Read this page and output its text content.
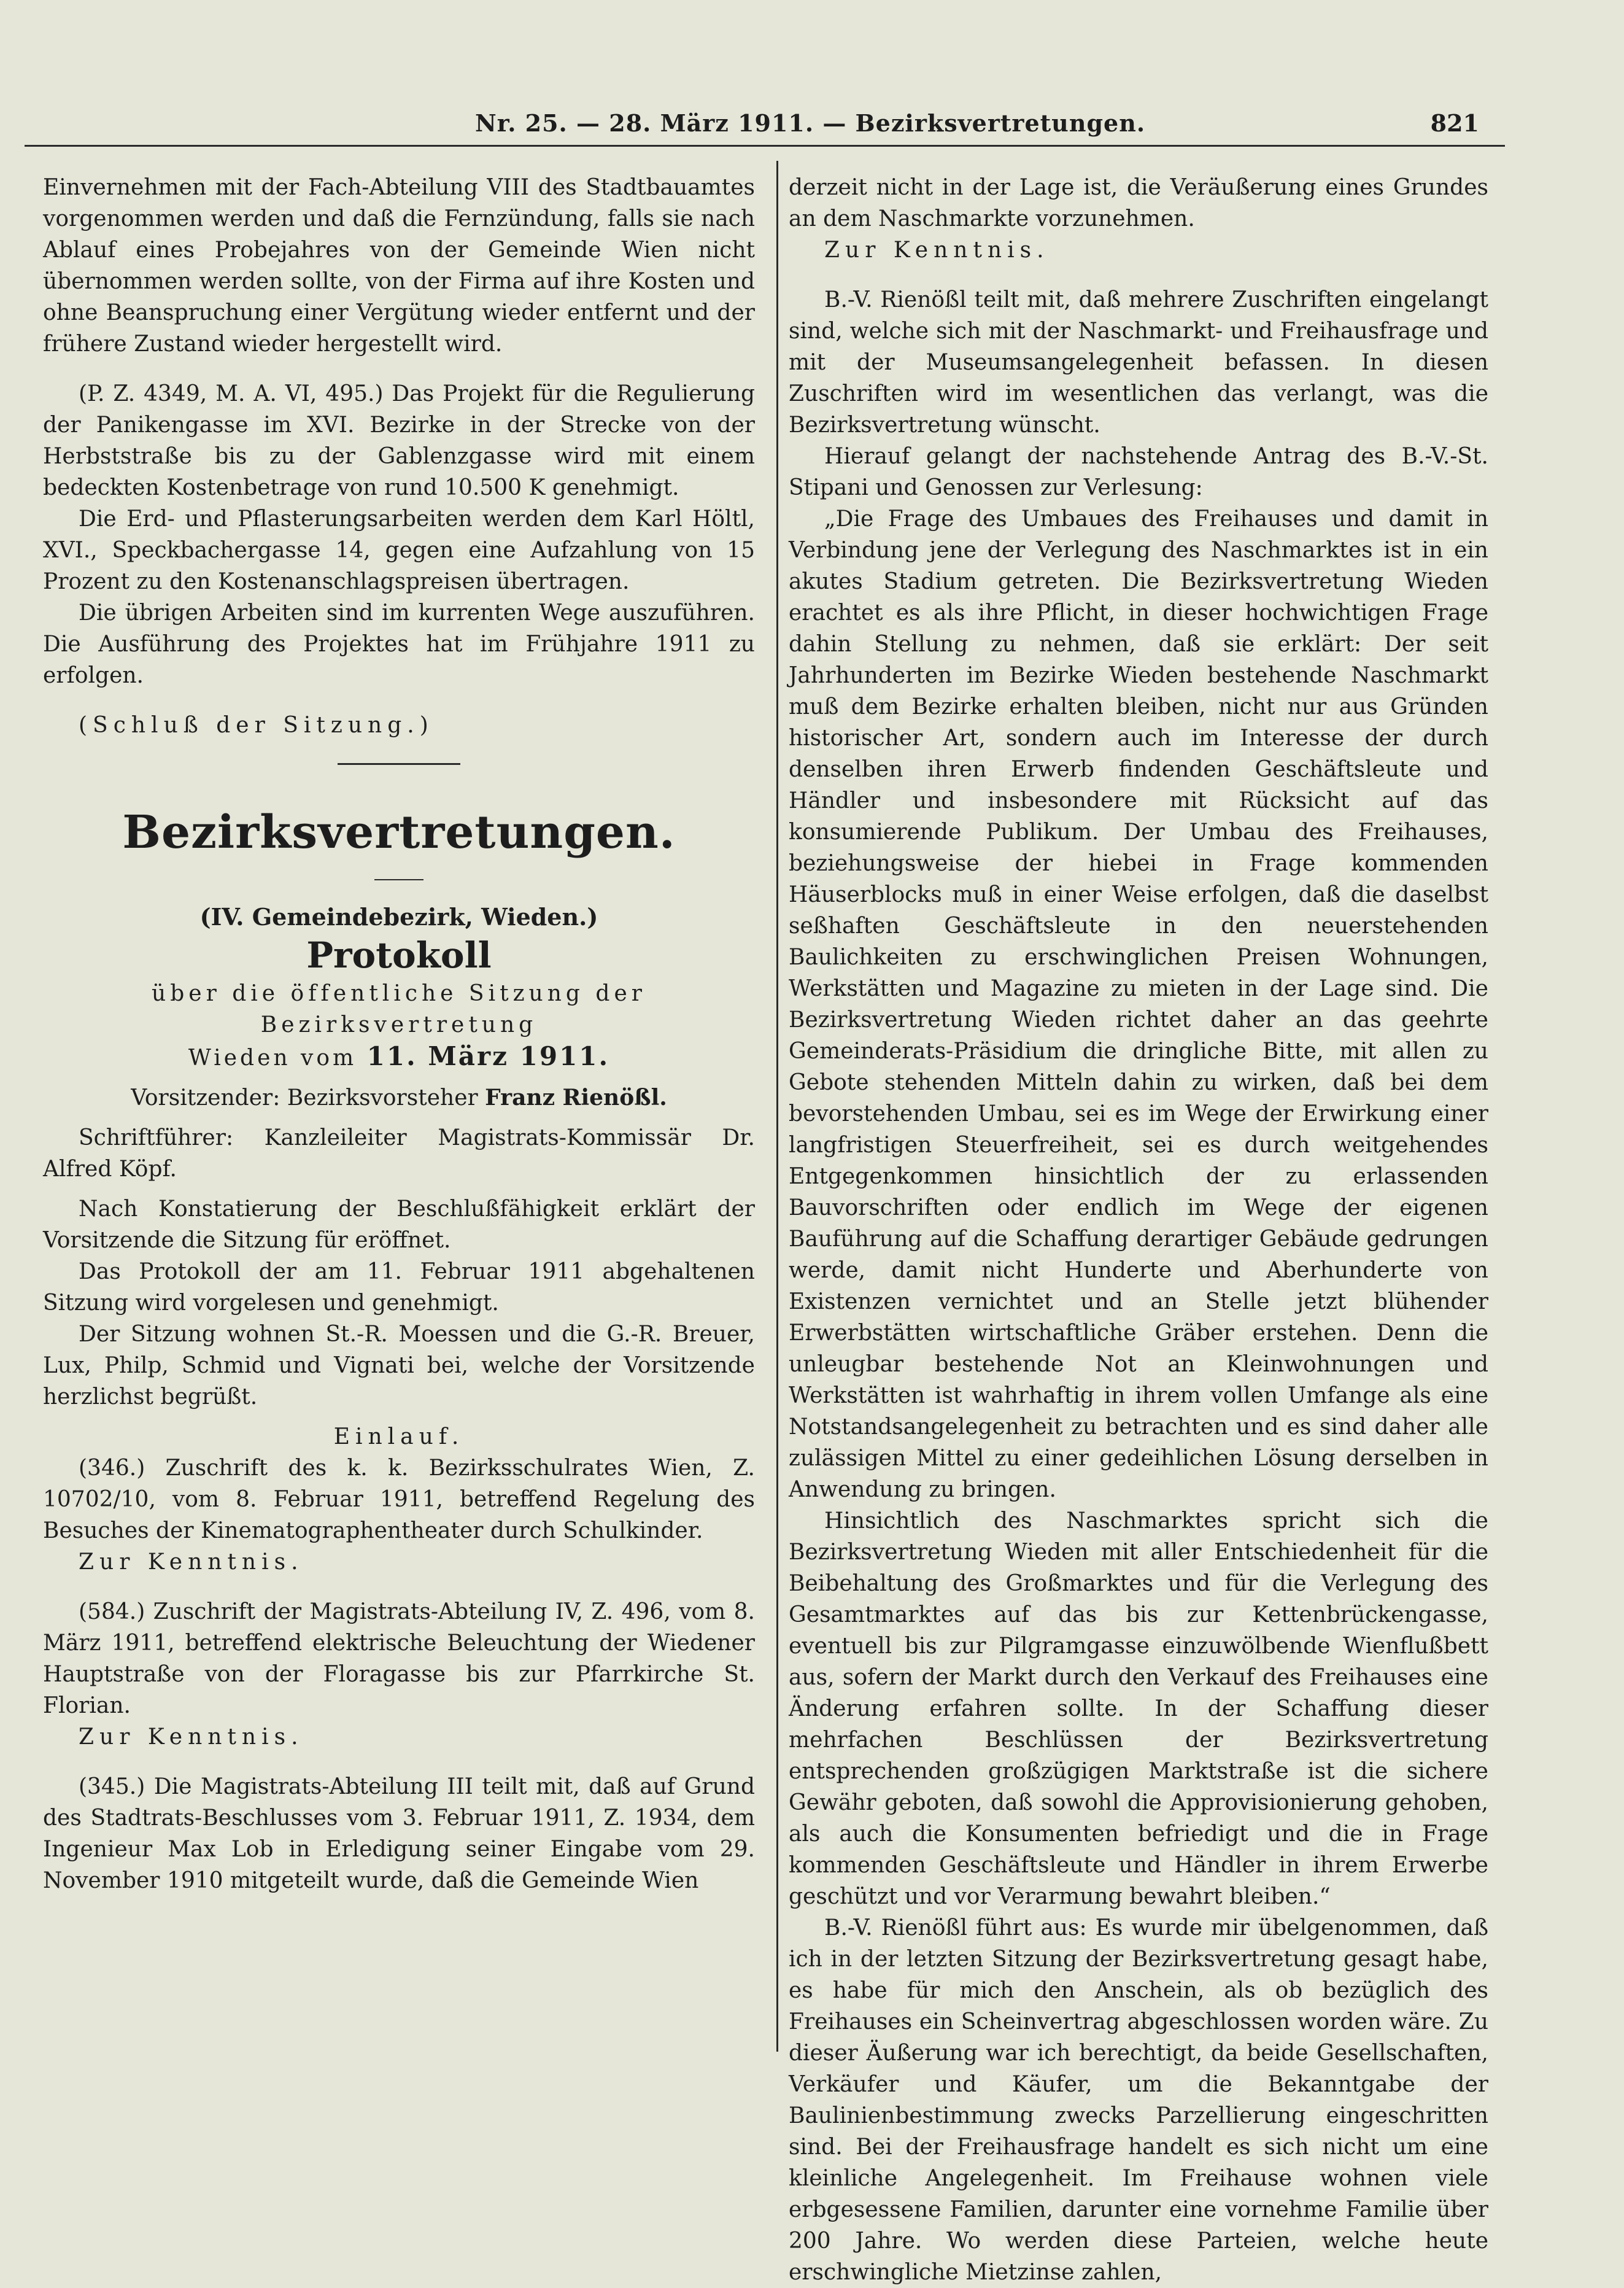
Nr. 25. — 28. März 1911. — Bezirksvertretungen.	821

Einvernehmen mit der Fach-Abteilung VIII des Stadtbauamtes vorgenommen werden und daß die Fernzündung, falls sie nach Ablauf eines Probejahres von der Gemeinde Wien nicht übernommen werden sollte, von der Firma auf ihre Kosten und ohne Beanspruchung einer Vergütung wieder entfernt und der frühere Zustand wieder hergestellt wird.

(P. Z. 4349, M. A. VI, 495.) Das Projekt für die Regulierung der Panikengasse im XVI. Bezirke in der Strecke von der Herbststraße bis zu der Gablenzgasse wird mit einem bedeckten Kostenbetrage von rund 10.500 K genehmigt.

Die Erd- und Pflasterungsarbeiten werden dem Karl Höltl, XVI., Speckbachergasse 14, gegen eine Aufzahlung von 15 Prozent zu den Kostenanschlagspreisen übertragen.

Die übrigen Arbeiten sind im kurrenten Wege auszuführen. Die Ausführung des Projektes hat im Frühjahre 1911 zu erfolgen.

(Schluß der Sitzung.)

Bezirksvertretungen.
(IV. Gemeindebezirk, Wieden.)
Protokoll

über die öffentliche Sitzung der Bezirksvertretung

Wieden vom 11. März 1911.

Vorsitzender: Bezirksvorsteher Franz Rienößl.

Schriftführer: Kanzleileiter Magistrats-Kommissär Dr. Alfred Köpf.

Nach Konstatierung der Beschlußfähigkeit erklärt der Vorsitzende die Sitzung für eröffnet.

Das Protokoll der am 11. Februar 1911 abgehaltenen Sitzung wird vorgelesen und genehmigt.

Der Sitzung wohnen St.-R. Moessen und die G.-R. Breuer, Lux, Philp, Schmid und Vignati bei, welche der Vorsitzende herzlichst begrüßt.

Einlauf.

(346.) Zuschrift des k. k. Bezirksschulrates Wien, Z. 10702/10, vom 8. Februar 1911, betreffend Regelung des Besuches der Kinematographentheater durch Schulkinder.

Zur Kenntnis.

(584.) Zuschrift der Magistrats-Abteilung IV, Z. 496, vom 8. März 1911, betreffend elektrische Beleuchtung der Wiedener Hauptstraße von der Floragasse bis zur Pfarrkirche St. Florian.

Zur Kenntnis.

(345.) Die Magistrats-Abteilung III teilt mit, daß auf Grund des Stadtrats-Beschlusses vom 3. Februar 1911, Z. 1934, dem Ingenieur Max Lob in Erledigung seiner Eingabe vom 29. November 1910 mitgeteilt wurde, daß die Gemeinde Wien

derzeit nicht in der Lage ist, die Veräußerung eines Grundes an dem Naschmarkte vorzunehmen.

Zur Kenntnis.

B.-V. Rienößl teilt mit, daß mehrere Zuschriften eingelangt sind, welche sich mit der Naschmarkt- und Freihausfrage und mit der Museumsangelegenheit befassen. In diesen Zuschriften wird im wesentlichen das verlangt, was die Bezirksvertretung wünscht.

Hierauf gelangt der nachstehende Antrag des B.-V.-St. Stipani und Genossen zur Verlesung:

„Die Frage des Umbaues des Freihauses und damit in Verbindung jene der Verlegung des Naschmarktes ist in ein akutes Stadium getreten. Die Bezirksvertretung Wieden erachtet es als ihre Pflicht, in dieser hochwichtigen Frage dahin Stellung zu nehmen, daß sie erklärt: Der seit Jahrhunderten im Bezirke Wieden bestehende Naschmarkt muß dem Bezirke erhalten bleiben, nicht nur aus Gründen historischer Art, sondern auch im Interesse der durch denselben ihren Erwerb findenden Geschäftsleute und Händler und insbesondere mit Rücksicht auf das konsumierende Publikum. Der Umbau des Freihauses, beziehungsweise der hiebei in Frage kommenden Häuserblocks muß in einer Weise erfolgen, daß die daselbst seßhaften Geschäftsleute in den neuerstehenden Baulichkeiten zu erschwinglichen Preisen Wohnungen, Werkstätten und Magazine zu mieten in der Lage sind. Die Bezirksvertretung Wieden richtet daher an das geehrte Gemeinderats-Präsidium die dringliche Bitte, mit allen zu Gebote stehenden Mitteln dahin zu wirken, daß bei dem bevorstehenden Umbau, sei es im Wege der Erwirkung einer langfristigen Steuerfreiheit, sei es durch weitgehendes Entgegenkommen hinsichtlich der zu erlassenden Bauvorschriften oder endlich im Wege der eigenen Bauführung auf die Schaffung derartiger Gebäude gedrungen werde, damit nicht Hunderte und Aberhunderte von Existenzen vernichtet und an Stelle jetzt blühender Erwerbstätten wirtschaftliche Gräber erstehen. Denn die unleugbar bestehende Not an Kleinwohnungen und Werkstätten ist wahrhaftig in ihrem vollen Umfange als eine Notstandsangelegenheit zu betrachten und es sind daher alle zulässigen Mittel zu einer gedeihlichen Lösung derselben in Anwendung zu bringen.

Hinsichtlich des Naschmarktes spricht sich die Bezirksvertretung Wieden mit aller Entschiedenheit für die Beibehaltung des Großmarktes und für die Verlegung des Gesamtmarktes auf das bis zur Kettenbrückengasse, eventuell bis zur Pilgramgasse einzuwölbende Wienflußbett aus, sofern der Markt durch den Verkauf des Freihauses eine Änderung erfahren sollte. In der Schaffung dieser mehrfachen Beschlüssen der Bezirksvertretung entsprechenden großzügigen Marktstraße ist die sichere Gewähr geboten, daß sowohl die Approvisionierung gehoben, als auch die Konsumenten befriedigt und die in Frage kommenden Geschäftsleute und Händler in ihrem Erwerbe geschützt und vor Verarmung bewahrt bleiben.“

B.-V. Rienößl führt aus: Es wurde mir übelgenommen, daß ich in der letzten Sitzung der Bezirksvertretung gesagt habe, es habe für mich den Anschein, als ob bezüglich des Freihauses ein Scheinvertrag abgeschlossen worden wäre. Zu dieser Äußerung war ich berechtigt, da beide Gesellschaften, Verkäufer und Käufer, um die Bekanntgabe der Baulinienbestimmung zwecks Parzellierung eingeschritten sind. Bei der Freihausfrage handelt es sich nicht um eine kleinliche Angelegenheit. Im Freihause wohnen viele erbgesessene Familien, darunter eine vornehme Familie über 200 Jahre. Wo werden diese Parteien, welche heute erschwingliche Mietzinse zahlen,
